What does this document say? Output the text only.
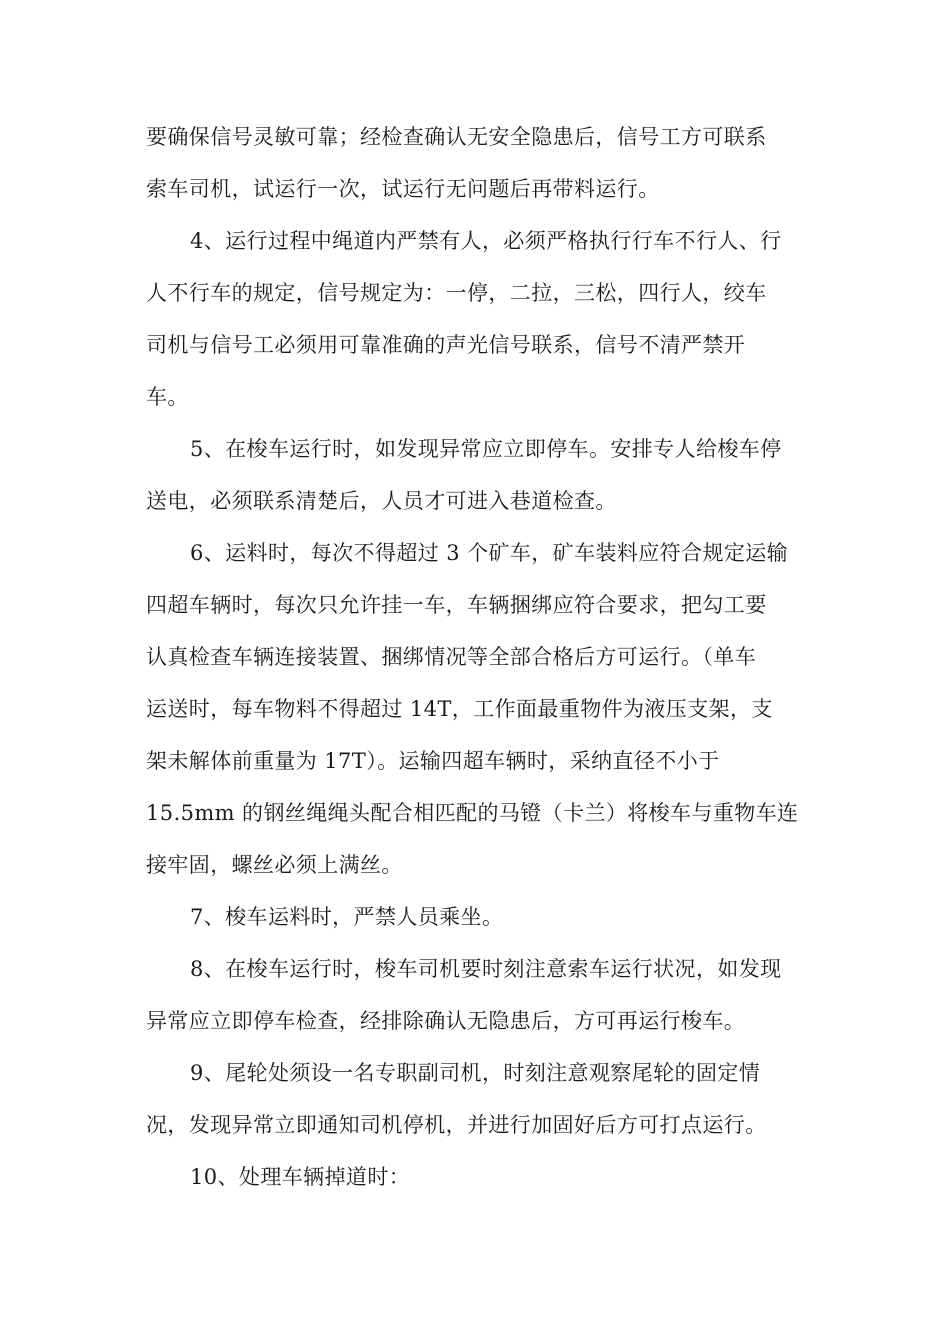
要确保信号灵敏可靠；经检查确认无安全隐患后，信号工方可联系
索车司机，试运行一次，试运行无问题后再带料运行。
4、运行过程中绳道内严禁有人，必须严格执行行车不行人、行
人不行车的规定，信号规定为：一停，二拉，三松，四行人，绞车
司机与信号工必须用可靠准确的声光信号联系，信号不清严禁开
车。
5、在梭车运行时，如发现异常应立即停车。安排专人给梭车停
送电，必须联系清楚后，人员才可进入巷道检查。
6、运料时，每次不得超过 3 个矿车，矿车装料应符合规定运输
四超车辆时，每次只允许挂一车，车辆捆绑应符合要求，把勾工要
认真检查车辆连接装置、捆绑情况等全部合格后方可运行。（单车
运送时，每车物料不得超过 14T，工作面最重物件为液压支架，支
架未解体前重量为 17T）。运输四超车辆时，采纳直径不小于
15.5mm 的钢丝绳绳头配合相匹配的马镫（卡兰）将梭车与重物车连
接牢固，螺丝必须上满丝。
7、梭车运料时，严禁人员乘坐。
8、在梭车运行时，梭车司机要时刻注意索车运行状况，如发现
异常应立即停车检查，经排除确认无隐患后，方可再运行梭车。
9、尾轮处须设一名专职副司机，时刻注意观察尾轮的固定情
况，发现异常立即通知司机停机，并进行加固好后方可打点运行。
10、处理车辆掉道时：
